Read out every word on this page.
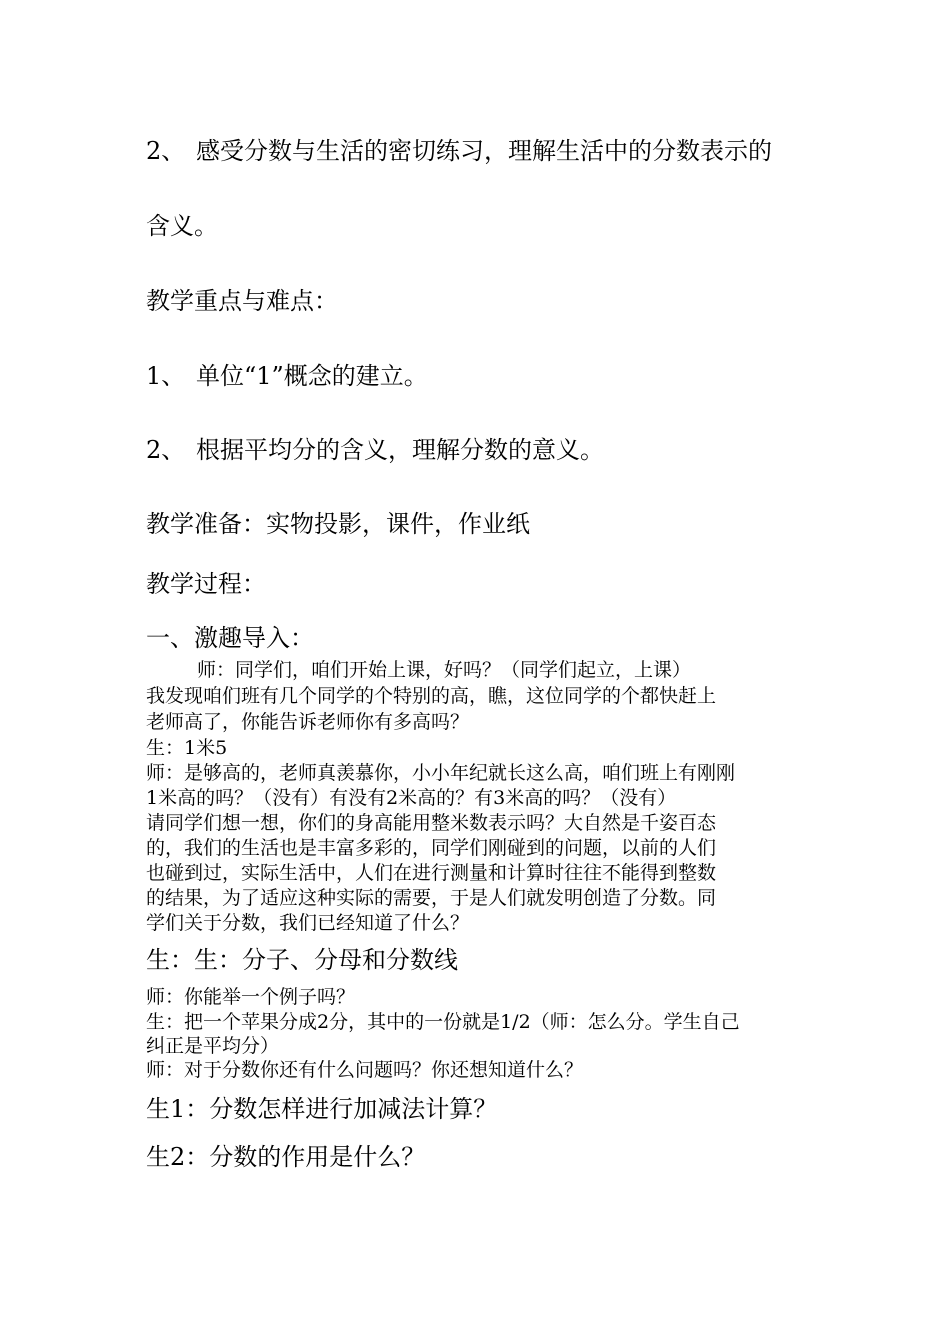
2、 感受分数与生活的密切练习，理解生活中的分数表示的
含义。
教学重点与难点：
1、 单位“1”概念的建立。
2、 根据平均分的含义，理解分数的意义。
教学准备：实物投影，课件，作业纸
教学过程：
一、激趣导入：
师：同学们，咱们开始上课，好吗？（同学们起立，上课）
我发现咱们班有几个同学的个特别的高，瞧，这位同学的个都快赶上
老师高了，你能告诉老师你有多高吗？
生：1米5
师：是够高的，老师真羡慕你，小小年纪就长这么高，咱们班上有刚刚
1米高的吗？（没有）有没有2米高的？有3米高的吗？（没有）
请同学们想一想，你们的身高能用整米数表示吗？大自然是千姿百态
的，我们的生活也是丰富多彩的，同学们刚碰到的问题，以前的人们
也碰到过，实际生活中，人们在进行测量和计算时往往不能得到整数
的结果，为了适应这种实际的需要，于是人们就发明创造了分数。同
学们关于分数，我们已经知道了什么？
生：生：分子、分母和分数线
师：你能举一个例子吗？
生：把一个苹果分成2分，其中的一份就是1/2（师：怎么分。学生自己
纠正是平均分）
师：对于分数你还有什么问题吗？你还想知道什么？
生1：分数怎样进行加减法计算？
生2：分数的作用是什么？
